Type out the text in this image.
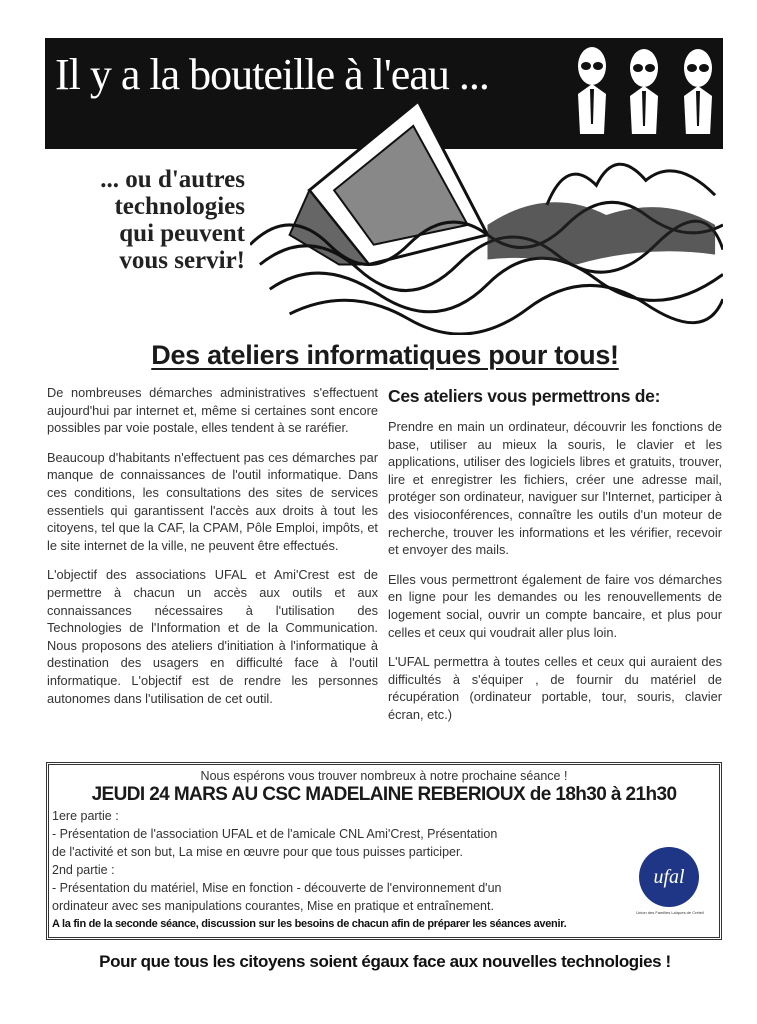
Il y a la bouteille à l'eau ...
... ou d'autres
technologies
qui peuvent
vous servir!
Des ateliers informatiques pour tous!

De nombreuses démarches administratives s'effectuent aujourd'hui par internet et, même si certaines sont encore possibles par voie postale, elles tendent à se raréfier.

Beaucoup d'habitants n'effectuent pas ces démarches par manque de connaissances de l'outil informatique. Dans ces conditions, les consultations des sites de services essentiels qui garantissent l'accès aux droits à tout les citoyens, tel que la CAF, la CPAM, Pôle Emploi, impôts, et le site internet de la ville, ne peuvent être effectués.

L'objectif des associations UFAL et Ami'Crest est de permettre à chacun un accès aux outils et aux connaissances nécessaires à l'utilisation des Technologies de l'Information et de la Communication. Nous proposons des ateliers d'initiation à l'informatique à destination des usagers en difficulté face à l'outil informatique. L'objectif est de rendre les personnes autonomes dans l'utilisation de cet outil.

Ces ateliers vous permettrons de:

Prendre en main un ordinateur, découvrir les fonctions de base, utiliser au mieux la souris, le clavier et les applications, utiliser des logiciels libres et gratuits, trouver, lire et enregistrer les fichiers, créer une adresse mail, protéger son ordinateur, naviguer sur l'Internet, participer à des visioconférences, connaître les outils d'un moteur de recherche, trouver les informations et les vérifier, recevoir et envoyer des mails.

Elles vous permettront également de faire vos démarches en ligne pour les demandes ou les renouvellements de logement social, ouvrir un compte bancaire, et plus pour celles et ceux qui voudrait aller plus loin.

L'UFAL permettra à toutes celles et ceux qui auraient des difficultés à s'équiper , de fournir du matériel de récupération (ordinateur portable, tour, souris, clavier écran, etc.)

Nous espérons vous trouver nombreux à notre prochaine séance !
JEUDI 24 MARS AU CSC MADELAINE REBERIOUX de 18h30 à 21h30
1ere partie :
- Présentation de l'association UFAL et de l'amicale CNL Ami'Crest, Présentation
de l'activité et son but, La mise en œuvre pour que tous puisses participer.
2nd partie :
- Présentation du matériel, Mise en fonction - découverte de l'environnement d'un
ordinateur avec ses manipulations courantes, Mise en pratique et entraînement.
A la fin de la seconde séance, discussion sur les besoins de chacun afin de préparer les séances avenir.
ufal
Union des Familles Laïques de Créteil
Pour que tous les citoyens soient égaux face aux nouvelles technologies !
